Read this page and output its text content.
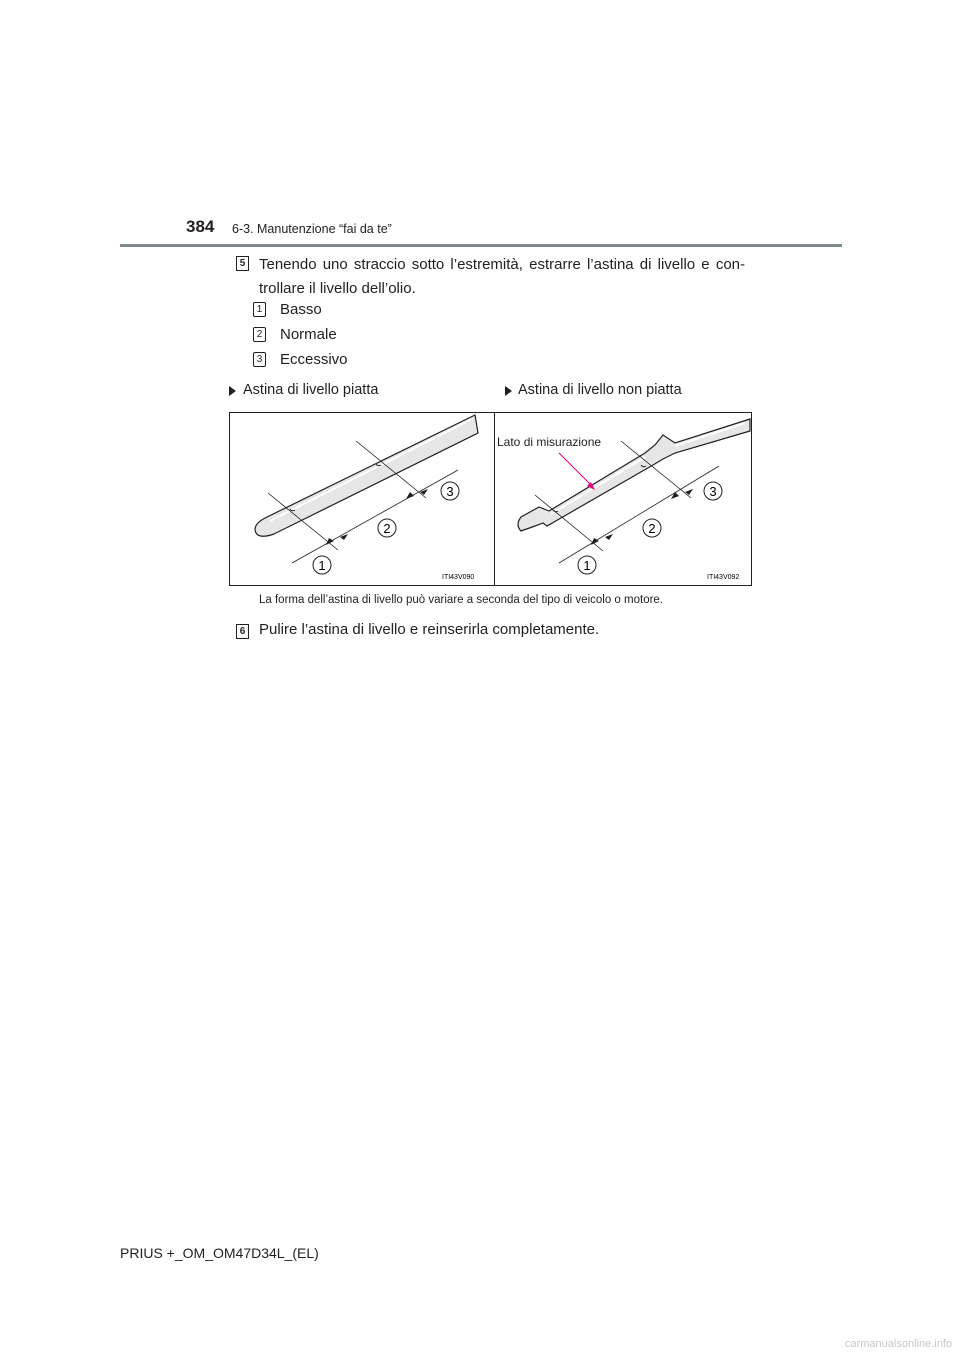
384 6-3. Manutenzione “fai da te”
5 Tenendo uno straccio sotto l’estremità, estrarre l’astina di livello e con-trollare il livello dell’olio.
1 Basso
2 Normale
3 Eccessivo
Astina di livello piatta	Astina di livello non piatta
1
2
3
ITI43V090
Lato di misurazione
1
2
3
ITI43V092
La forma dell’astina di livello può variare a seconda del tipo di veicolo o motore.
6 Pulire l’astina di livello e reinserirla completamente.
PRIUS +_OM_OM47D34L_(EL)
carmanualsonline.info
